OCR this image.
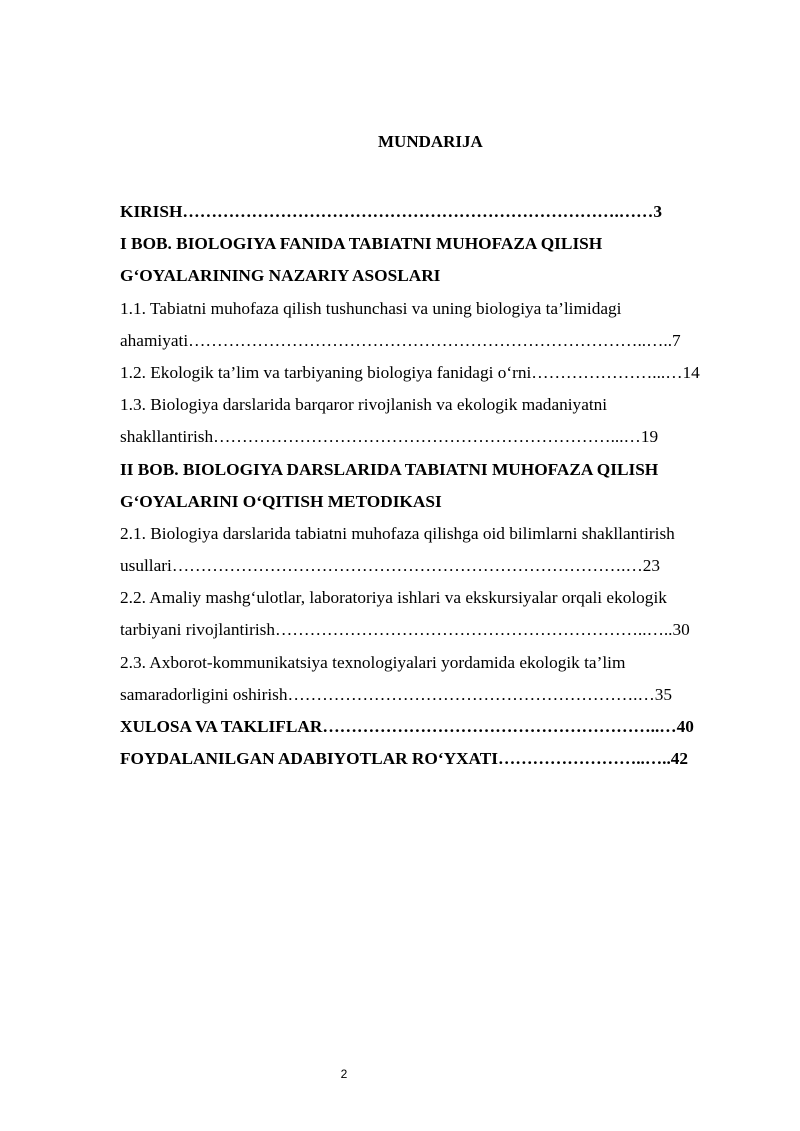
MUNDARIJA
KIRISH………………………………………………………………….……3
I BOB. BIOLOGIYA FANIDA TABIATNI MUHOFAZA QILISH
G‘OYALARINING NAZARIY ASOSLARI
1.1. Tabiatni muhofaza qilish tushunchasi va uning biologiya ta’limidagi
ahamiyati……………………………………………………………………..…..7
1.2. Ekologik ta’lim va tarbiyaning biologiya fanidagi o‘rni…………………...…14
1.3. Biologiya darslarida barqaror rivojlanish va ekologik madaniyatni
shakllantirish……………………………………………………………...…19
II BOB. BIOLOGIYA DARSLARIDA TABIATNI MUHOFAZA QILISH
G‘OYALARINI O‘QITISH METODIKASI
2.1. Biologiya darslarida tabiatni muhofaza qilishga oid bilimlarni shakllantirish
usullari…………………………………………………………………….…23
2.2. Amaliy mashg‘ulotlar, laboratoriya ishlari va ekskursiyalar orqali ekologik
tarbiyani rivojlantirish………………………………………………………..…..30
2.3. Axborot-kommunikatsiya texnologiyalari yordamida ekologik ta’lim
samaradorligini oshirish…………………………………………………….…35
XULOSA VA TAKLIFLAR…………………………………………………..…40
FOYDALANILGAN ADABIYOTLAR RO‘YXATI……………………..…..42
2
